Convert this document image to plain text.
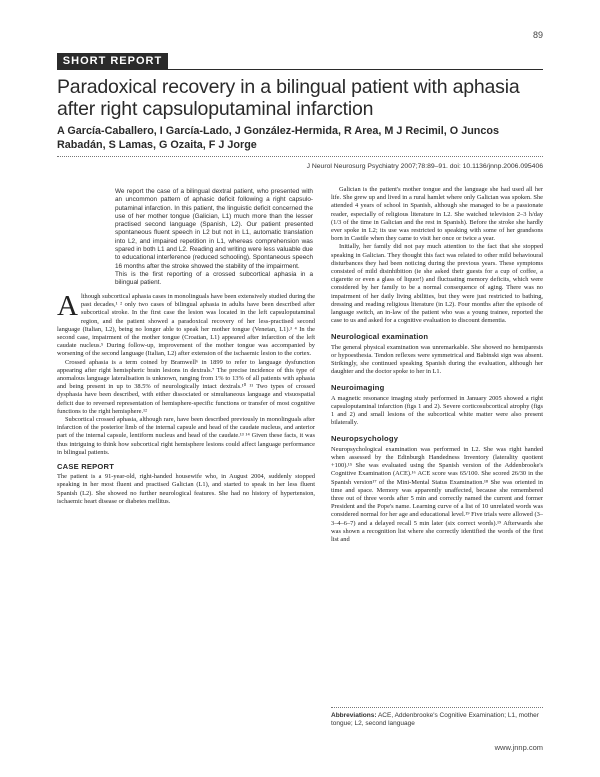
89
SHORT REPORT
Paradoxical recovery in a bilingual patient with aphasia after right capsuloputaminal infarction
A García-Caballero, I García-Lado, J González-Hermida, R Area, M J Recimil, O Juncos Rabadán, S Lamas, G Ozaita, F J Jorge
J Neurol Neurosurg Psychiatry 2007;78:89–91. doi: 10.1136/jnnp.2006.095406

We report the case of a bilingual dextral patient, who presented with an uncommon pattern of aphasic deficit following a right capsulo-putaminal infarction. In this patient, the linguistic deficit concerned the use of her mother tongue (Galician, L1) much more than the lesser practised second language (Spanish, L2). Our patient presented spontaneous fluent speech in L2 but not in L1, automatic translation into L2, and impaired repetition in L1, whereas comprehension was spared in both L1 and L2. Reading and writing were less valuable due to educational interference (reduced schooling). Spontaneous speech 16 months after the stroke showed the stability of the impairment.

This is the first reporting of a crossed subcortical aphasia in a bilingual patient.

Although subcortical aphasia cases in monolinguals have been extensively studied during the past decades,¹ ² only two cases of bilingual aphasia in adults have been described after subcortical stroke. In the first case the lesion was located in the left capsuloputaminal region, and the patient showed a paradoxical recovery of her less-practised second language (Italian, L2), being no longer able to speak her mother tongue (Venetan, L1).³ ⁴ In the second case, impairment of the mother tongue (Croatian, L1) appeared after infarction of the left caudate nucleus.⁵ During follow-up, improvement of the mother tongue was accompanied by worsening of the second language (Italian, L2) after extension of the ischaemic lesion to the cortex.

Crossed aphasia is a term coined by Bramwell⁶ in 1899 to refer to language dysfunction appearing after right hemispheric brain lesions in dextrals.⁷ The precise incidence of this type of anomalous language lateralisation is unknown, ranging from 1% to 13% of all patients with aphasia and being present in up to 38.5% of neurologically intact dextrals.¹⁰ ¹¹ Two types of crossed dysphasia have been described, with either dissociated or simultaneous language and visuospatial deficit due to reversed representation of hemisphere-specific functions or transfer of most cognitive functions to the right hemisphere.¹²

Subcortical crossed aphasia, although rare, have been described previously in monolinguals after infarction of the posterior limb of the internal capsule and head of the caudate nucleus, and anterior part of the internal capsule, lentiform nucleus and head of the caudate.¹³ ¹⁴ Given these facts, it was thus intriguing to think how subcortical right hemisphere lesions could affect language performance in bilingual patients.

CASE REPORT

The patient is a 91-year-old, right-handed housewife who, in August 2004, suddenly stopped speaking in her most fluent and practised Galician (L1), and started to speak in her less fluent Spanish (L2). She showed no further neurological features. She had no history of hypertension, ischaemic heart disease or diabetes mellitus.

Galician is the patient's mother tongue and the language she had used all her life. She grew up and lived in a rural hamlet where only Galician was spoken. She attended 4 years of school in Spanish, although she managed to be a passionate reader, especially of religious literature in L2. She watched television 2–3 h/day (1/3 of the time in Galician and the rest in Spanish). Before the stroke she hardly ever spoke in L2; its use was restricted to speaking with some of her grandsons born in Castile when they came to visit her once or twice a year.

Initially, her family did not pay much attention to the fact that she stopped speaking in Galician. They thought this fact was related to other mild behavioural disturbances they had been noticing during the previous years. These symptoms consisted of mild disinhibition (ie she asked their guests for a cup of coffee, a cigarette or even a glass of liquor!) and fluctuating memory deficits, which were considered by her family to be a normal consequence of aging. There was no impairment of her daily living abilities, but they were just restricted to bathing, dressing and reading religious literature (in L2). Four months after the episode of language switch, an in-law of the patient who was a young trainee, reported the case to us and asked for a cognitive evaluation to discount dementia.

Neurological examination

The general physical examination was unremarkable. She showed no hemiparesis or hypoesthesia. Tendon reflexes were symmetrical and Babinski sign was absent. Strikingly, she continued speaking Spanish during the evaluation, although her daughter and the doctor spoke to her in L1.

Neuroimaging

A magnetic resonance imaging study performed in January 2005 showed a right capsuloputaminal infarction (figs 1 and 2). Severe corticosubcortical atrophy (figs 1 and 2) and small lesions of the subcortical white matter were also present bilaterally.

Neuropsychology

Neuropsychological examination was performed in L2. She was right handed when assessed by the Edinburgh Handedness Inventory (laterality quotient +100).¹⁵ She was evaluated using the Spanish version of the Addenbrooke's Cognitive Examination (ACE).¹⁶ ACE score was 65/100. She scored 26/30 in the Spanish version¹⁷ of the Mini-Mental Status Examination.¹⁸ She was oriented in time and space. Memory was apparently unaffected, because she remembered three out of three words after 5 min and correctly named the current and former President and the Pope's name. Learning curve of a list of 10 unrelated words was considered normal for her age and educational level.¹⁹ Five trials were allowed (3–3–4–6–7) and a delayed recall 5 min later (six correct words).¹⁹ Afterwards she was shown a recognition list where she correctly identified the words of the first list and

Abbreviations: ACE, Addenbrooke's Cognitive Examination; L1, mother tongue; L2, second language
www.jnnp.com
